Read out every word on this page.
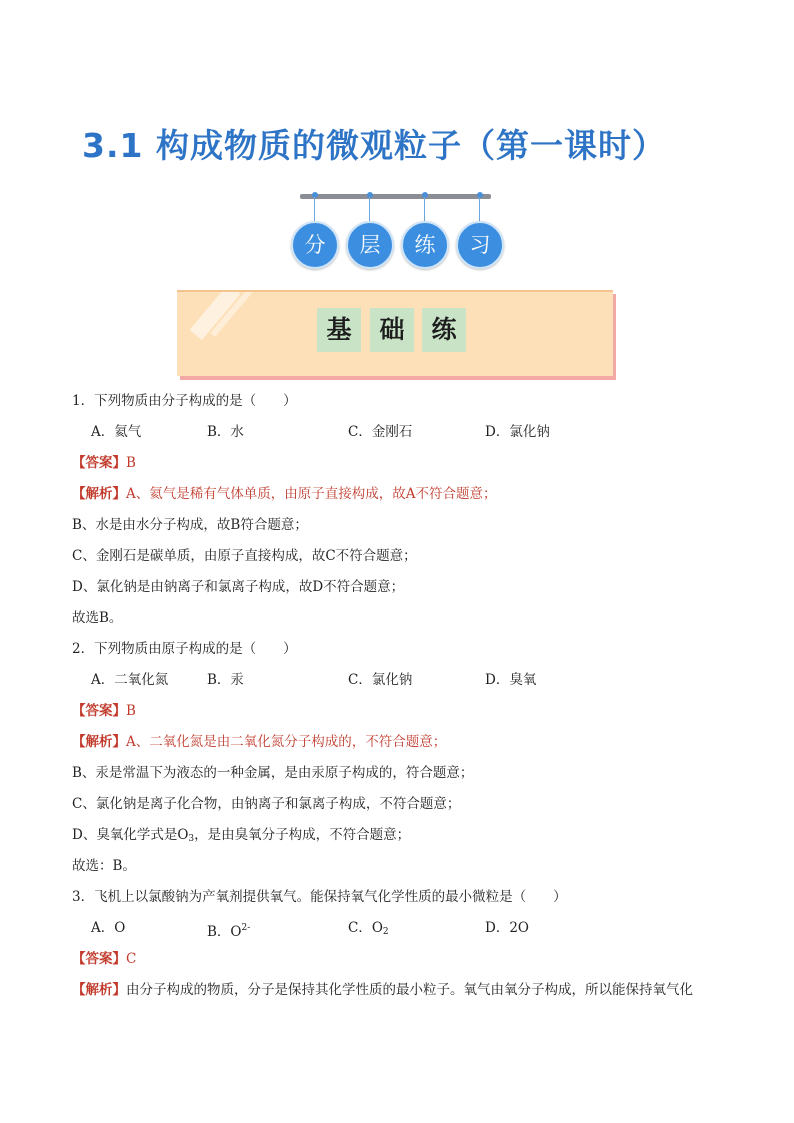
3.1 构成物质的微观粒子（第一课时）
分	层	练	习
基	础	练
1．下列物质由分子构成的是（　　）
A．氦气	B．水	C．金刚石	D．氯化钠
【答案】B
【解析】A、氦气是稀有气体单质，由原子直接构成，故A不符合题意；
B、水是由水分子构成，故B符合题意；
C、金刚石是碳单质，由原子直接构成，故C不符合题意；
D、氯化钠是由钠离子和氯离子构成，故D不符合题意；
故选B。
2．下列物质由原子构成的是（　　）
A．二氧化氮	B．汞	C．氯化钠	D．臭氧
【答案】B
【解析】A、二氧化氮是由二氧化氮分子构成的，不符合题意；
B、汞是常温下为液态的一种金属，是由汞原子构成的，符合题意；
C、氯化钠是离子化合物，由钠离子和氯离子构成，不符合题意；
D、臭氧化学式是$O_3$，是由臭氧分子构成，不符合题意；
故选：B。
3．飞机上以氯酸钠为产氧剂提供氧气。能保持氧气化学性质的最小微粒是（　　）
A．O	B．$O^{2-}$	C．$O_2$	D．2O
【答案】C
【解析】由分子构成的物质，分子是保持其化学性质的最小粒子。氧气由氧分子构成，所以能保持氧气化
